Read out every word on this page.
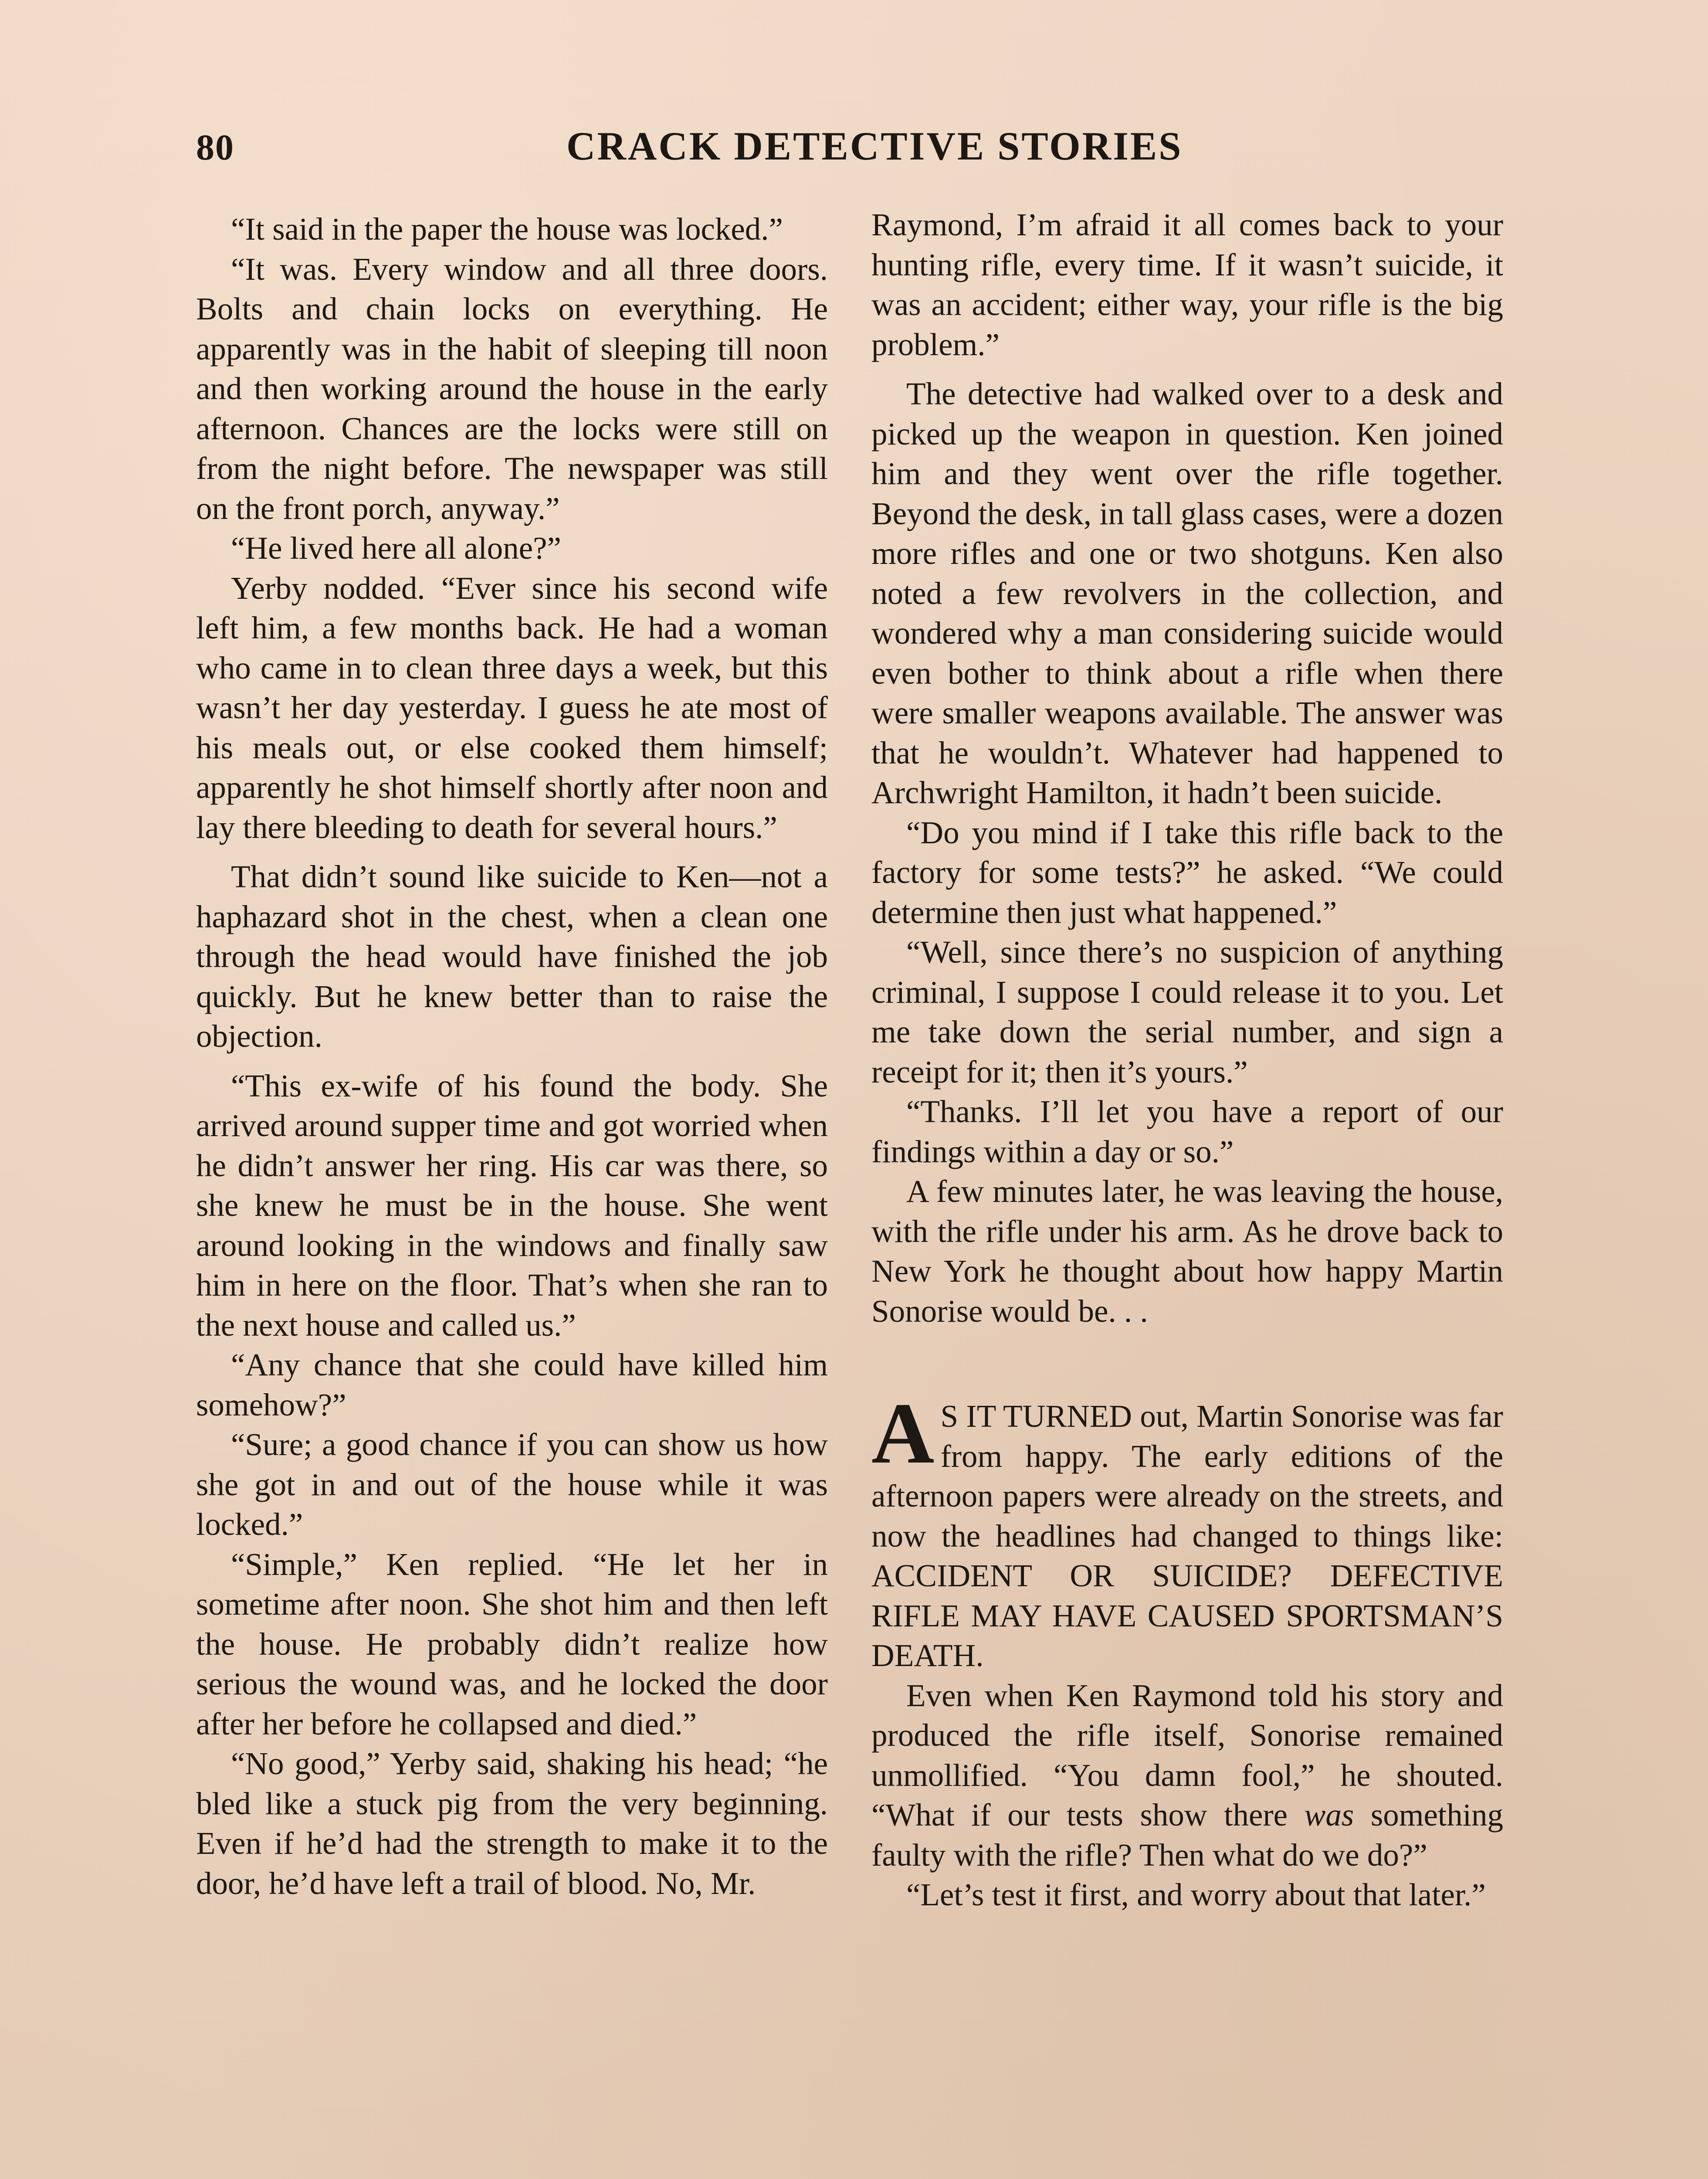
80	CRACK DETECTIVE STORIES

“It said in the paper the house was locked.”

“It was. Every window and all three doors. Bolts and chain locks on everything. He apparently was in the habit of sleeping till noon and then working around the house in the early afternoon. Chances are the locks were still on from the night before. The newspaper was still on the front porch, anyway.”

“He lived here all alone?”

Yerby nodded. “Ever since his second wife left him, a few months back. He had a woman who came in to clean three days a week, but this wasn’t her day yesterday. I guess he ate most of his meals out, or else cooked them himself; apparently he shot himself shortly after noon and lay there bleeding to death for several hours.”

That didn’t sound like suicide to Ken—not a haphazard shot in the chest, when a clean one through the head would have finished the job quickly. But he knew better than to raise the objection.

“This ex-wife of his found the body. She arrived around supper time and got worried when he didn’t answer her ring. His car was there, so she knew he must be in the house. She went around looking in the windows and finally saw him in here on the floor. That’s when she ran to the next house and called us.”

“Any chance that she could have killed him somehow?”

“Sure; a good chance if you can show us how she got in and out of the house while it was locked.”

“Simple,” Ken replied. “He let her in sometime after noon. She shot him and then left the house. He probably didn’t realize how serious the wound was, and he locked the door after her before he collapsed and died.”

“No good,” Yerby said, shaking his head; “he bled like a stuck pig from the very beginning. Even if he’d had the strength to make it to the door, he’d have left a trail of blood. No, Mr.

Raymond, I’m afraid it all comes back to your hunting rifle, every time. If it wasn’t suicide, it was an accident; either way, your rifle is the big problem.”

The detective had walked over to a desk and picked up the weapon in question. Ken joined him and they went over the rifle together. Beyond the desk, in tall glass cases, were a dozen more rifles and one or two shotguns. Ken also noted a few revolvers in the collection, and wondered why a man considering suicide would even bother to think about a rifle when there were smaller weapons available. The answer was that he wouldn’t. Whatever had happened to Archwright Hamilton, it hadn’t been suicide.

“Do you mind if I take this rifle back to the factory for some tests?” he asked. “We could determine then just what happened.”

“Well, since there’s no suspicion of anything criminal, I suppose I could release it to you. Let me take down the serial number, and sign a receipt for it; then it’s yours.”

“Thanks. I’ll let you have a report of our findings within a day or so.”

A few minutes later, he was leaving the house, with the rifle under his arm. As he drove back to New York he thought about how happy Martin Sonorise would be. . .

A S IT TURNED out, Martin Sonorise was far from happy. The early editions of the afternoon papers were already on the streets, and now the headlines had changed to things like: ACCIDENT OR SUICIDE? DEFECTIVE RIFLE MAY HAVE CAUSED SPORTSMAN’S DEATH.

Even when Ken Raymond told his story and produced the rifle itself, Sonorise remained unmollified. “You damn fool,” he shouted. “What if our tests show there was something faulty with the rifle? Then what do we do?”

“Let’s test it first, and worry about that later.”
